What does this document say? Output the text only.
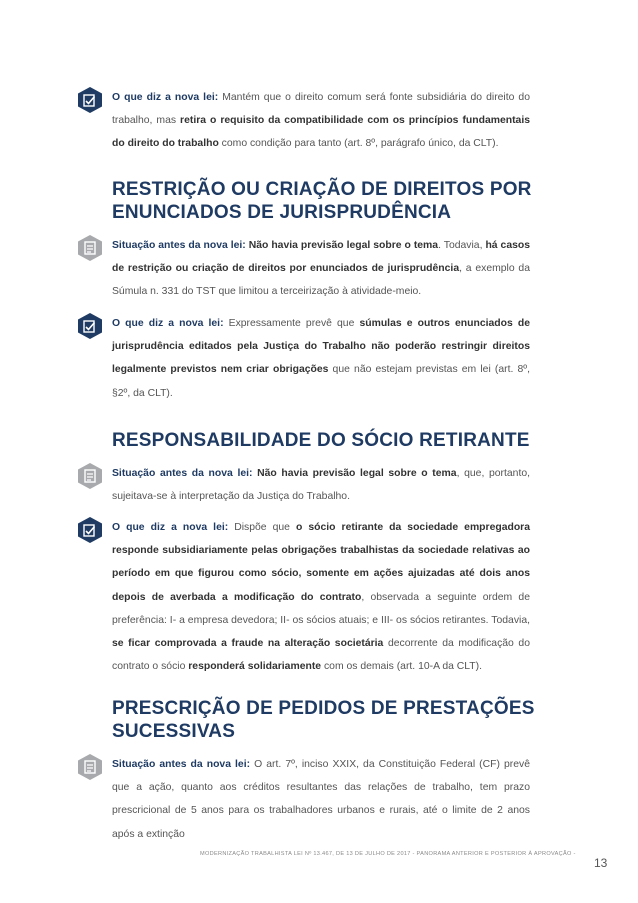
O que diz a nova lei: Mantém que o direito comum será fonte subsidiária do direito do trabalho, mas retira o requisito da compatibilidade com os princípios fundamentais do direito do trabalho como condição para tanto (art. 8º, parágrafo único, da CLT).
RESTRIÇÃO OU CRIAÇÃO DE DIREITOS POR
ENUNCIADOS DE JURISPRUDÊNCIA
Situação antes da nova lei: Não havia previsão legal sobre o tema. Todavia, há casos de restrição ou criação de direitos por enunciados de jurisprudência, a exemplo da Súmula n. 331 do TST que limitou a terceirização à atividade-meio.
O que diz a nova lei: Expressamente prevê que súmulas e outros enunciados de jurisprudência editados pela Justiça do Trabalho não poderão restringir direitos legalmente previstos nem criar obrigações que não estejam previstas em lei (art. 8º, §2º, da CLT).
RESPONSABILIDADE DO SÓCIO RETIRANTE
Situação antes da nova lei: Não havia previsão legal sobre o tema, que, portanto, sujeitava-se à interpretação da Justiça do Trabalho.
O que diz a nova lei: Dispõe que o sócio retirante da sociedade empregadora responde subsidiariamente pelas obrigações trabalhistas da sociedade relativas ao período em que figurou como sócio, somente em ações ajuizadas até dois anos depois de averbada a modificação do contrato, observada a seguinte ordem de preferência: I- a empresa devedora; II- os sócios atuais; e III- os sócios retirantes. Todavia, se ficar comprovada a fraude na alteração societária decorrente da modificação do contrato o sócio responderá solidariamente com os demais (art. 10-A da CLT).
PRESCRIÇÃO DE PEDIDOS DE PRESTAÇÕES
SUCESSIVAS
Situação antes da nova lei: O art. 7º, inciso XXIX, da Constituição Federal (CF) prevê que a ação, quanto aos créditos resultantes das relações de trabalho, tem prazo prescricional de 5 anos para os trabalhadores urbanos e rurais, até o limite de 2 anos após a extinção
MODERNIZAÇÃO TRABALHISTA LEI Nº 13.467, DE 13 DE JULHO DE 2017 - PANORAMA ANTERIOR E POSTERIOR À APROVAÇÃO -
13
